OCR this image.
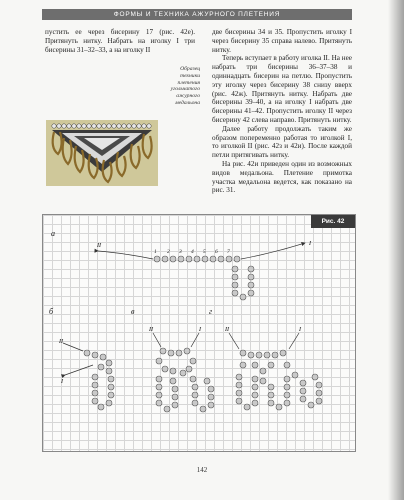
ФОРМЫ И ТЕХНИКА АЖУРНОГО ПЛЕТЕНИЯ

пустить ее через бисерину 17 (рис. 42е). Притянуть нитку. Набрать на иголку I три бисерины 31–32–33, а на иголку II

Образец техники плетения угольчатого ажурного медальона

две бисерины 34 и 35. Пропустить иголку I через бисерину 35 справа налево. Притянуть нитку.

Теперь вступает в работу иголка II. На нее набрать три бисерины 36–37–38 и одиннадцать бисерин на петлю. Пропустить эту иголку через бисерину 38 снизу вверх (рис. 42ж). Притянуть нитку. Набрать две бисерины 39–40, а на иголку I набрать две бисерины 41–42. Пропустить иголку II через бисерину 42 слева направо. Притянуть нитку.

Далее работу продолжать таким же образом попеременно работая то иголкой I, то иголкой II (рис. 42з и 42и). После каждой петли притягивать нитку.

На рис. 42и приведен один из возможных видов медальона. Плетение примотка участка медальона ведется, как показано на рис. 31.

Рис. 42
а
б	в	г
II	I
1 2 3 4 5 6 7
II
I
II	I	II	I
142
